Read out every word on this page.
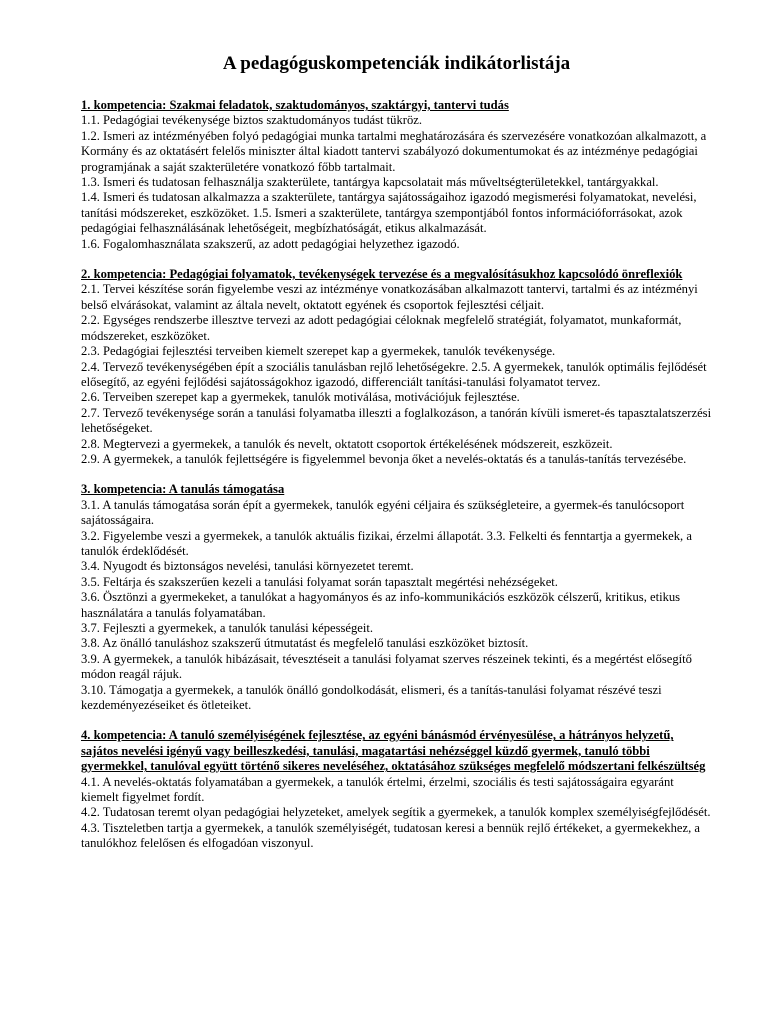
A pedagóguskompetenciák indikátorlistája
1. kompetencia: Szakmai feladatok, szaktudományos, szaktárgyi, tantervi tudás
1.1. Pedagógiai tevékenysége biztos szaktudományos tudást tükröz.
1.2. Ismeri az intézményében folyó pedagógiai munka tartalmi meghatározására és szervezésére vonatkozóan alkalmazott, a Kormány és az oktatásért felelős miniszter által kiadott tantervi szabályozó dokumentumokat és az intézménye pedagógiai programjának a saját szakterületére vonatkozó főbb tartalmait.
1.3. Ismeri és tudatosan felhasználja szakterülete, tantárgya kapcsolatait más műveltségterületekkel, tantárgyakkal.
1.4. Ismeri és tudatosan alkalmazza a szakterülete, tantárgya sajátosságaihoz igazodó megismerési folyamatokat, nevelési, tanítási módszereket, eszközöket. 1.5. Ismeri a szakterülete, tantárgya szempontjából fontos információforrásokat, azok pedagógiai felhasználásának lehetőségeit, megbízhatóságát, etikus alkalmazását.
1.6. Fogalomhasználata szakszerű, az adott pedagógiai helyzethez igazodó.
2. kompetencia: Pedagógiai folyamatok, tevékenységek tervezése és a megvalósításukhoz kapcsolódó önreflexiók
2.1. Tervei készítése során figyelembe veszi az intézménye vonatkozásában alkalmazott tantervi, tartalmi és az intézményi belső elvárásokat, valamint az általa nevelt, oktatott egyének és csoportok fejlesztési céljait.
2.2. Egységes rendszerbe illesztve tervezi az adott pedagógiai céloknak megfelelő stratégiát, folyamatot, munkaformát, módszereket, eszközöket.
2.3. Pedagógiai fejlesztési terveiben kiemelt szerepet kap a gyermekek, tanulók tevékenysége.
2.4. Tervező tevékenységében épít a szociális tanulásban rejlő lehetőségekre. 2.5. A gyermekek, tanulók optimális fejlődését elősegítő, az egyéni fejlődési sajátosságokhoz igazodó, differenciált tanítási-tanulási folyamatot tervez.
2.6. Terveiben szerepet kap a gyermekek, tanulók motiválása, motivációjuk fejlesztése.
2.7. Tervező tevékenysége során a tanulási folyamatba illeszti a foglalkozáson, a tanórán kívüli ismeret-és tapasztalatszerzési lehetőségeket.
2.8. Megtervezi a gyermekek, a tanulók és nevelt, oktatott csoportok értékelésének módszereit, eszközeit.
2.9. A gyermekek, a tanulók fejlettségére is figyelemmel bevonja őket a nevelés-oktatás és a tanulás-tanítás tervezésébe.
3. kompetencia: A tanulás támogatása
3.1. A tanulás támogatása során épít a gyermekek, tanulók egyéni céljaira és szükségleteire, a gyermek-és tanulócsoport sajátosságaira.
3.2. Figyelembe veszi a gyermekek, a tanulók aktuális fizikai, érzelmi állapotát. 3.3. Felkelti és fenntartja a gyermekek, a tanulók érdeklődését.
3.4. Nyugodt és biztonságos nevelési, tanulási környezetet teremt.
3.5. Feltárja és szakszerűen kezeli a tanulási folyamat során tapasztalt megértési nehézségeket.
3.6. Ösztönzi a gyermekeket, a tanulókat a hagyományos és az info-kommunikációs eszközök célszerű, kritikus, etikus használatára a tanulás folyamatában.
3.7. Fejleszti a gyermekek, a tanulók tanulási képességeit.
3.8. Az önálló tanuláshoz szakszerű útmutatást és megfelelő tanulási eszközöket biztosít.
3.9. A gyermekek, a tanulók hibázásait, tévesztéseit a tanulási folyamat szerves részeinek tekinti, és a megértést elősegítő módon reagál rájuk.
3.10. Támogatja a gyermekek, a tanulók önálló gondolkodását, elismeri, és a tanítás-tanulási folyamat részévé teszi kezdeményezéseiket és ötleteiket.
4. kompetencia: A tanuló személyiségének fejlesztése, az egyéni bánásmód érvényesülése, a hátrányos helyzetű, sajátos nevelési igényű vagy beilleszkedési, tanulási, magatartási nehézséggel küzdő gyermek, tanuló többi gyermekkel, tanulóval együtt történő sikeres neveléséhez, oktatásához szükséges megfelelő módszertani felkészültség
4.1. A nevelés-oktatás folyamatában a gyermekek, a tanulók értelmi, érzelmi, szociális és testi sajátosságaira egyaránt kiemelt figyelmet fordít.
4.2. Tudatosan teremt olyan pedagógiai helyzeteket, amelyek segítik a gyermekek, a tanulók komplex személyiségfejlődését.
4.3. Tiszteletben tartja a gyermekek, a tanulók személyiségét, tudatosan keresi a bennük rejlő értékeket, a gyermekekhez, a tanulókhoz felelősen és elfogadóan viszonyul.
